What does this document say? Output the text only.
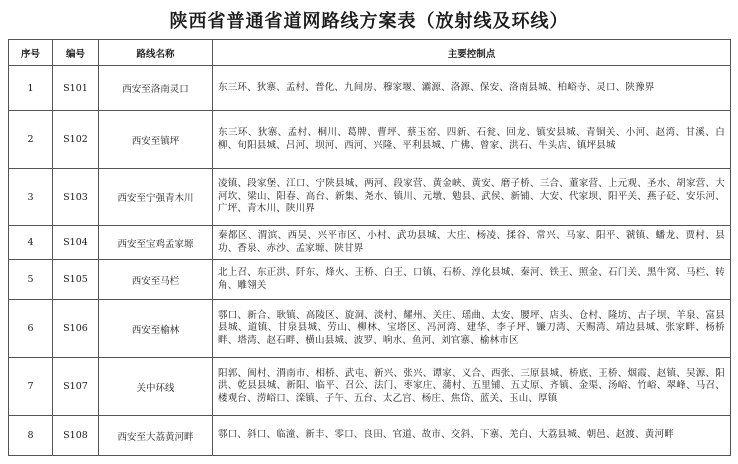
陕西省普通省道网路线方案表（放射线及环线）
序号	编号	路线名称	主要控制点
1	S101	西安至洛南灵口	东三环、狄寨、孟村、普化、九间房、穆家堰、灞源、洛源、保安、洛南县城、柏峪寺、灵口、陕豫界
2	S102	西安至镇坪	东三环、狄寨、孟村、桐川、葛牌、曹坪、蔡玉窑、四新、石瓮、回龙、镇安县城、青铜关、小河、赵湾、甘溪、白柳、旬阳县城、吕河、坝河、西河、兴隆、平利县城、广佛、曾家、洪石、牛头店、镇坪县城
3	S103	西安至宁强青木川	凌镇、段家堡、江口、宁陕县城、两河、段家营、黄金峡、黄安、磨子桥、三合、董家营、上元观、圣水、胡家营、大河坎、梁山、阳春、高台、新集、尧水、镇川、元墩、勉县、武侯、新铺、大安、代家坝、阳平关、燕子砭、安乐河、广坪、青木川、陕川界
4	S104	西安至宝鸡孟家塬	秦都区、渭滨、西吴、兴平市区、小村、武功县城、大庄、杨凌、揉谷、常兴、马家、阳平、虢镇、蟠龙、贾村、县功、香泉、赤沙、孟家塬、陕甘界
5	S105	西安至马栏	北上召、东正洪、阡东、烽火、王桥、白王、口镇、石桥、淳化县城、秦河、铁王、照金、石门关、黑牛窝、马栏、转角、雕翎关
6	S106	西安至榆林	鄠口、新合、耿镇、高陵区、旋洞、淡村、耀州、关庄、瑶曲、太安、腰坪、店头、仓村、隆坊、古子坝、羊泉、富县县城、道镇、甘泉县城、劳山、柳林、宝塔区、冯河湾、建华、李子坪、镰刀湾、天赐湾、靖边县城、张家畔、杨桥畔、塔湾、赵石畔、横山县城、波罗、响水、鱼河、刘官寨、榆林市区
7	S107	关中环线	阳郭、闽村、渭南市、相桥、武屯、新兴、张兴、谭家、义合、西张、三原县城、桥底、王桥、烟霞、赵镇、吴源、阳洪、乾县县城、新阳、临平、召公、法门、枣家庄、蒲村、五里铺、五丈原、齐镇、金渠、汤峪、竹峪、翠峰、马召、楼观台、涝峪口、滦镇、子午、五台、太乙宫、杨庄、焦岱、蓝关、玉山、厚镇
8	S108	西安至大荔黄河畔	鄠口、斜口、临潼、新丰、零口、良田、官道、故市、交斜、下寨、羌白、大荔县城、朝邑、赵渡、黄河畔
